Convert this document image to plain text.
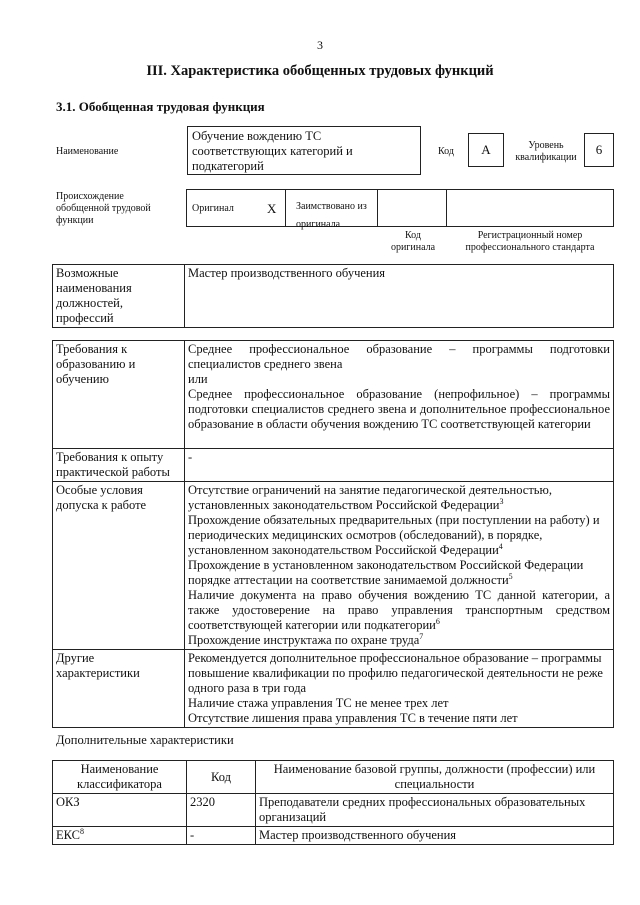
3
III. Характеристика обобщенных трудовых функций
3.1. Обобщенная трудовая функция
Наименование
Обучение вождению ТС соответствующих категорий и подкатегорий
Код	А	Уровень квалификации
6
Происхождение обобщенной трудовой функции
Оригинал	X	Заимствовано из оригинала
Код оригинала
Регистрационный номер профессионального стандарта
Возможные наименования должностей, профессий	Мастер производственного обучения
Требования к образованию и обучению	Среднее профессиональное образование – программы подготовки специалистов среднего звена
или
Среднее профессиональное образование (непрофильное) – программы подготовки специалистов среднего звена и дополнительное профессиональное образование в области обучения вождению ТС соответствующей категории

Требования к опыту практической работы	-

Особые условия допуска к работе	Отсутствие ограничений на занятие педагогической деятельностью, установленных законодательством Российской Федерации$^3$
Прохождение обязательных предварительных (при поступлении на работу) и периодических медицинских осмотров (обследований), в порядке, установленном законодательством Российской Федерации$^4$
Прохождение в установленном законодательством Российской Федерации порядке аттестации на соответствие занимаемой должности$^5$
Наличие документа на право обучения вождению ТС данной категории, а также удостоверение на право управления транспортным средством соответствующей категории или подкатегории$^6$
Прохождение инструктажа по охране труда$^7$

Другие характеристики	Рекомендуется дополнительное профессиональное образование – программы повышение квалификации по профилю педагогической деятельности не реже одного раза в три года
Наличие стажа управления ТС не менее трех лет
Отсутствие лишения права управления ТС в течение пяти лет
Дополнительные характеристики
Наименование классификатора	Код	Наименование базовой группы, должности (профессии) или специальности
ОКЗ	2320	Преподаватели средних профессиональных образовательных организаций
ЕКС$^8$	-	Мастер производственного обучения
